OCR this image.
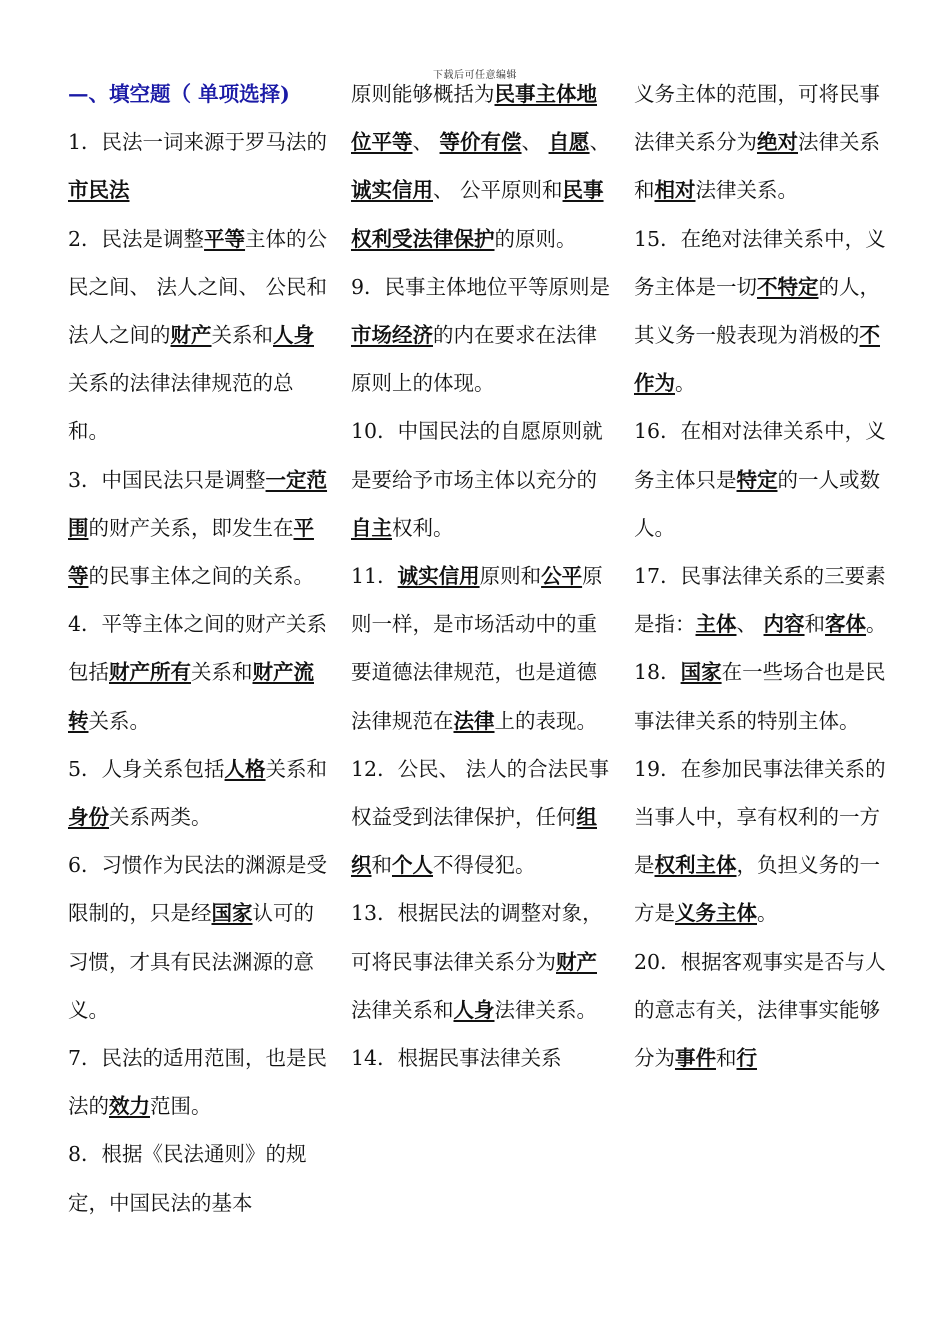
下载后可任意编辑

—、填空题（ 单项选择)

1．民法一词来源于罗马法的市民法

2．民法是调整平等主体的公民之间、 法人之间、 公民和法人之间的财产关系和人身关系的法律法律规范的总和。

3．中国民法只是调整一定范围的财产关系，即发生在平等的民事主体之间的关系。

4．平等主体之间的财产关系包括财产所有关系和财产流转关系。

5．人身关系包括人格关系和身份关系两类。

6．习惯作为民法的渊源是受限制的，只是经国家认可的习惯，才具有民法渊源的意义。

7．民法的适用范围，也是民法的效力范围。

8．根据《民法通则》的规定，中国民法的基本

原则能够概括为民事主体地位平等、 等价有偿、 自愿、 诚实信用、 公平原则和民事权利受法律保护的原则。

9．民事主体地位平等原则是市场经济的内在要求在法律原则上的体现。

10．中国民法的自愿原则就是要给予市场主体以充分的自主权利。

11．诚实信用原则和公平原则一样，是市场活动中的重要道德法律规范，也是道德法律规范在法律上的表现。

12．公民、 法人的合法民事权益受到法律保护，任何组织和个人不得侵犯。

13．根据民法的调整对象，可将民事法律关系分为财产法律关系和人身法律关系。

14．根据民事法律关系

义务主体的范围，可将民事法律关系分为绝对法律关系和相对法律关系。

15．在绝对法律关系中，义务主体是一切不特定的人，其义务一般表现为消极的不作为。

16．在相对法律关系中，义务主体只是特定的一人或数人。

17．民事法律关系的三要素是指：主体、 内容和客体。

18．国家在一些场合也是民事法律关系的特别主体。

19．在参加民事法律关系的当事人中，享有权利的一方是权利主体，负担义务的一方是义务主体。

20．根据客观事实是否与人的意志有关，法律事实能够分为事件和行
